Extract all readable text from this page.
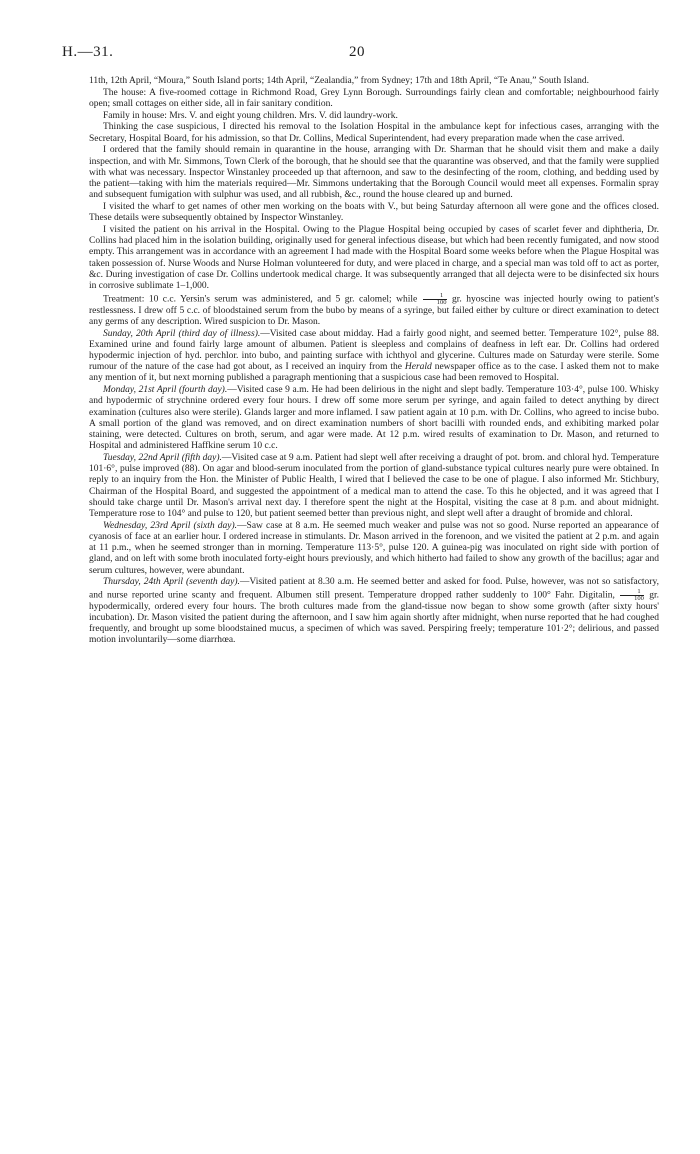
H.—31.	20

11th, 12th April, “Moura,” South Island ports; 14th April, “Zealandia,” from Sydney; 17th and 18th April, “Te Anau,” South Island.

The house: A five-roomed cottage in Richmond Road, Grey Lynn Borough. Surroundings fairly clean and comfortable; neighbourhood fairly open; small cottages on either side, all in fair sanitary condition.

Family in house: Mrs. V. and eight young children. Mrs. V. did laundry-work.

Thinking the case suspicious, I directed his removal to the Isolation Hospital in the ambulance kept for infectious cases, arranging with the Secretary, Hospital Board, for his admission, so that Dr. Collins, Medical Superintendent, had every preparation made when the case arrived.

I ordered that the family should remain in quarantine in the house, arranging with Dr. Sharman that he should visit them and make a daily inspection, and with Mr. Simmons, Town Clerk of the borough, that he should see that the quarantine was observed, and that the family were supplied with what was necessary. Inspector Winstanley proceeded up that afternoon, and saw to the desinfecting of the room, clothing, and bedding used by the patient—taking with him the materials required—Mr. Simmons undertaking that the Borough Council would meet all expenses. Formalin spray and subsequent fumigation with sulphur was used, and all rubbish, &c., round the house cleared up and burned.

I visited the wharf to get names of other men working on the boats with V., but being Saturday afternoon all were gone and the offices closed. These details were subsequently obtained by Inspector Winstanley.

I visited the patient on his arrival in the Hospital. Owing to the Plague Hospital being occupied by cases of scarlet fever and diphtheria, Dr. Collins had placed him in the isolation building, originally used for general infectious disease, but which had been recently fumigated, and now stood empty. This arrangement was in accordance with an agreement I had made with the Hospital Board some weeks before when the Plague Hospital was taken possession of. Nurse Woods and Nurse Holman volunteered for duty, and were placed in charge, and a special man was told off to act as porter, &c. During investigation of case Dr. Collins undertook medical charge. It was subsequently arranged that all dejecta were to be disinfected six hours in corrosive sublimate 1–1,000.

Treatment: 10 c.c. Yersin's serum was administered, and 5 gr. calomel; while $\frac{1}{100}$ gr. hyoscine was injected hourly owing to patient's restlessness. I drew off 5 c.c. of bloodstained serum from the bubo by means of a syringe, but failed either by culture or direct examination to detect any germs of any description. Wired suspicion to Dr. Mason.

Sunday, 20th April (third day of illness).—Visited case about midday. Had a fairly good night, and seemed better. Temperature 102°, pulse 88. Examined urine and found fairly large amount of albumen. Patient is sleepless and complains of deafness in left ear. Dr. Collins had ordered hypodermic injection of hyd. perchlor. into bubo, and painting surface with ichthyol and glycerine. Cultures made on Saturday were sterile. Some rumour of the nature of the case had got about, as I received an inquiry from the Herald newspaper office as to the case. I asked them not to make any mention of it, but next morning published a paragraph mentioning that a suspicious case had been removed to Hospital.

Monday, 21st April (fourth day).—Visited case 9 a.m. He had been delirious in the night and slept badly. Temperature 103·4°, pulse 100. Whisky and hypodermic of strychnine ordered every four hours. I drew off some more serum per syringe, and again failed to detect anything by direct examination (cultures also were sterile). Glands larger and more inflamed. I saw patient again at 10 p.m. with Dr. Collins, who agreed to incise bubo. A small portion of the gland was removed, and on direct examination numbers of short bacilli with rounded ends, and exhibiting marked polar staining, were detected. Cultures on broth, serum, and agar were made. At 12 p.m. wired results of examination to Dr. Mason, and returned to Hospital and administered Haffkine serum 10 c.c.

Tuesday, 22nd April (fifth day).—Visited case at 9 a.m. Patient had slept well after receiving a draught of pot. brom. and chloral hyd. Temperature 101·6°, pulse improved (88). On agar and blood-serum inoculated from the portion of gland-substance typical cultures nearly pure were obtained. In reply to an inquiry from the Hon. the Minister of Public Health, I wired that I believed the case to be one of plague. I also informed Mr. Stichbury, Chairman of the Hospital Board, and suggested the appointment of a medical man to attend the case. To this he objected, and it was agreed that I should take charge until Dr. Mason's arrival next day. I therefore spent the night at the Hospital, visiting the case at 8 p.m. and about midnight. Temperature rose to 104° and pulse to 120, but patient seemed better than previous night, and slept well after a draught of bromide and chloral.

Wednesday, 23rd April (sixth day).—Saw case at 8 a.m. He seemed much weaker and pulse was not so good. Nurse reported an appearance of cyanosis of face at an earlier hour. I ordered increase in stimulants. Dr. Mason arrived in the forenoon, and we visited the patient at 2 p.m. and again at 11 p.m., when he seemed stronger than in morning. Temperature 113·5°, pulse 120. A guinea-pig was inoculated on right side with portion of gland, and on left with some broth inoculated forty-eight hours previously, and which hitherto had failed to show any growth of the bacillus; agar and serum cultures, however, were abundant.

Thursday, 24th April (seventh day).—Visited patient at 8.30 a.m. He seemed better and asked for food. Pulse, however, was not so satisfactory, and nurse reported urine scanty and frequent. Albumen still present. Temperature dropped rather suddenly to 100° Fahr. Digitalin, $\frac{1}{100}$ gr. hypodermically, ordered every four hours. The broth cultures made from the gland-tissue now began to show some growth (after sixty hours' incubation). Dr. Mason visited the patient during the afternoon, and I saw him again shortly after midnight, when nurse reported that he had coughed frequently, and brought up some bloodstained mucus, a specimen of which was saved. Perspiring freely; temperature 101·2°; delirious, and passed motion involuntarily—some diarrhœa.
